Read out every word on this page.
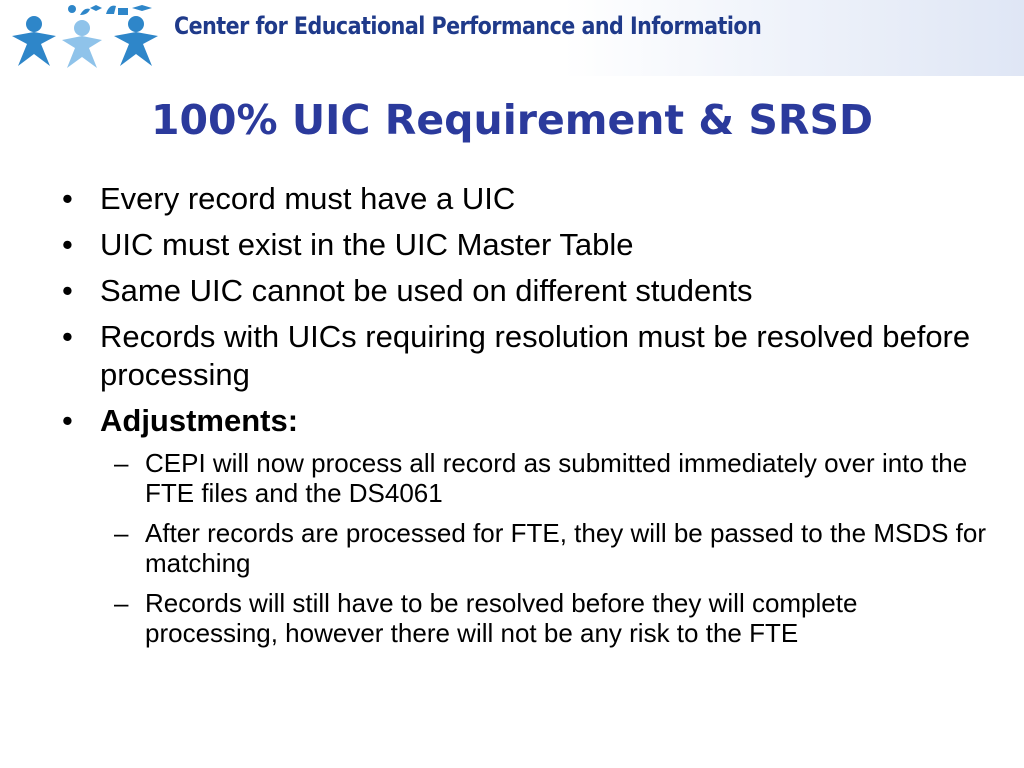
Center for Educational Performance and Information
100% UIC Requirement & SRSD
• Every record must have a UIC
• UIC must exist in the UIC Master Table
• Same UIC cannot be used on different students
• Records with UICs requiring resolution must be resolved before processing
• Adjustments:
– CEPI will now process all record as submitted immediately over into the FTE files and the DS4061
– After records are processed for FTE, they will be passed to the MSDS for matching
– Records will still have to be resolved before they will complete processing, however there will not be any risk to the FTE
